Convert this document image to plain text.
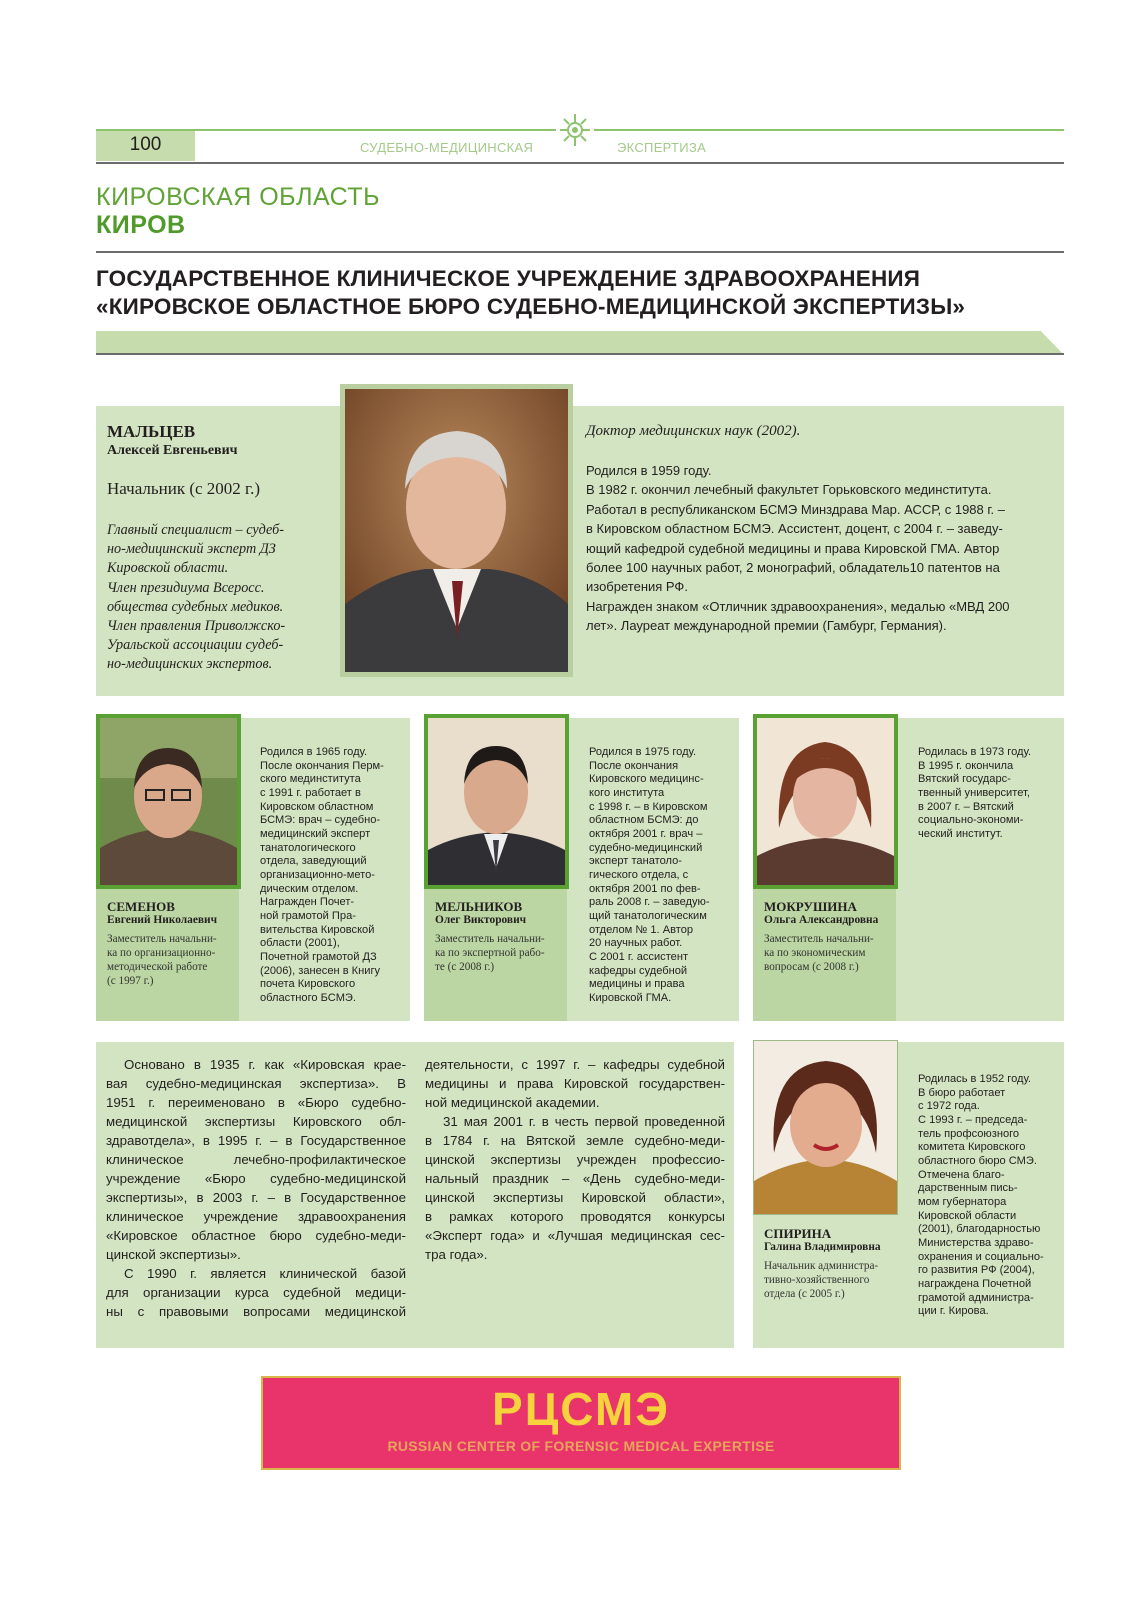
100	СУДЕБНО-МЕДИЦИНСКАЯ	ЭКСПЕРТИЗА
КИРОВСКАЯ ОБЛАСТЬ
КИРОВ
ГОСУДАРСТВЕННОЕ КЛИНИЧЕСКОЕ УЧРЕЖДЕНИЕ ЗДРАВООХРАНЕНИЯ
«КИРОВСКОЕ ОБЛАСТНОЕ БЮРО СУДЕБНО-МЕДИЦИНСКОЙ ЭКСПЕРТИЗЫ»
МАЛЬЦЕВ
Алексей Евгеньевич
Начальник (с 2002 г.)
Главный специалист – судеб-
но-медицинский эксперт ДЗ
Кировской области.
Член президиума Всеросс.
общества судебных медиков.
Член правления Приволжско-
Уральской ассоциации судеб-
но-медицинских экспертов.
Доктор медицинских наук (2002).
Родился в 1959 году.
В 1982 г. окончил лечебный факультет Горьковского мединститута.
Работал в республиканском БСМЭ Минздрава Мар. АССР, с 1988 г. –
в Кировском областном БСМЭ. Ассистент, доцент, с 2004 г. – заведу-
ющий кафедрой судебной медицины и права Кировской ГМА. Автор
более 100 научных работ, 2 монографий, обладатель10 патентов на
изобретения РФ.
Награжден знаком «Отличник здравоохранения», медалью «МВД 200
лет». Лауреат международной премии (Гамбург, Германия).
СЕМЕНОВ
Евгений Николаевич
Заместитель начальни-
ка по организационно-
методической работе
(с 1997 г.)
Родился в 1965 году.
После окончания Перм-
ского мединститута
с 1991 г. работает в
Кировском областном
БСМЭ: врач – судебно-
медицинский эксперт
танатологического
отдела, заведующий
организационно-мето-
дическим отделом.
Награжден Почет-
ной грамотой Пра-
вительства Кировской
области (2001),
Почетной грамотой ДЗ
(2006), занесен в Книгу
почета Кировского
областного БСМЭ.
МЕЛЬНИКОВ
Олег Викторович
Заместитель начальни-
ка по экспертной рабо-
те (с 2008 г.)
Родился в 1975 году.
После окончания
Кировского медицинс-
кого института
с 1998 г. – в Кировском
областном БСМЭ: до
октября 2001 г. врач –
судебно-медицинский
эксперт танатоло-
гического отдела, с
октября 2001 по фев-
раль 2008 г. – заведую-
щий танатологическим
отделом № 1. Автор
20 научных работ.
С 2001 г. ассистент
кафедры судебной
медицины и права
Кировской ГМА.
МОКРУШИНА
Ольга Александровна
Заместитель начальни-
ка по экономическим
вопросам (с 2008 г.)
Родилась в 1973 году.
В 1995 г. окончила
Вятский государс-
твенный университет,
в 2007 г. – Вятский
социально-экономи-
ческий институт.

Основано в 1935 г. как «Кировская крае-

вая судебно-медицинская экспертиза». В

1951 г. переименовано в «Бюро судебно-

медицинской экспертизы Кировского обл-

здравотдела», в 1995 г. – в Государственное

клиническое лечебно-профилактическое

учреждение «Бюро судебно-медицинской

экспертизы», в 2003 г. – в Государственное

клиническое учреждение здравоохранения

«Кировское областное бюро судебно-меди-

цинской экспертизы».

С 1990 г. является клинической базой

для организации курса судебной медици-

ны с правовыми вопросами медицинской

деятельности, с 1997 г. – кафедры судебной

медицины и права Кировской государствен-

ной медицинской академии.

31 мая 2001 г. в честь первой проведенной

в 1784 г. на Вятской земле судебно-меди-

цинской экспертизы учрежден профессио-

нальный праздник – «День судебно-меди-

цинской экспертизы Кировской области»,

в рамках которого проводятся конкурсы

«Эксперт года» и «Лучшая медицинская сес-

тра года».

СПИРИНА
Галина Владимировна
Начальник администра-
тивно-хозяйственного
отдела (с 2005 г.)
Родилась в 1952 году.
В бюро работает
с 1972 года.
С 1993 г. – председа-
тель профсоюзного
комитета Кировского
областного бюро СМЭ.
Отмечена благо-
дарственным пись-
мом губернатора
Кировской области
(2001), благодарностью
Министерства здраво-
охранения и социально-
го развития РФ (2004),
награждена Почетной
грамотой администра-
ции г. Кирова.
РЦСМЭ
RUSSIAN CENTER OF FORENSIC MEDICAL EXPERTISE
